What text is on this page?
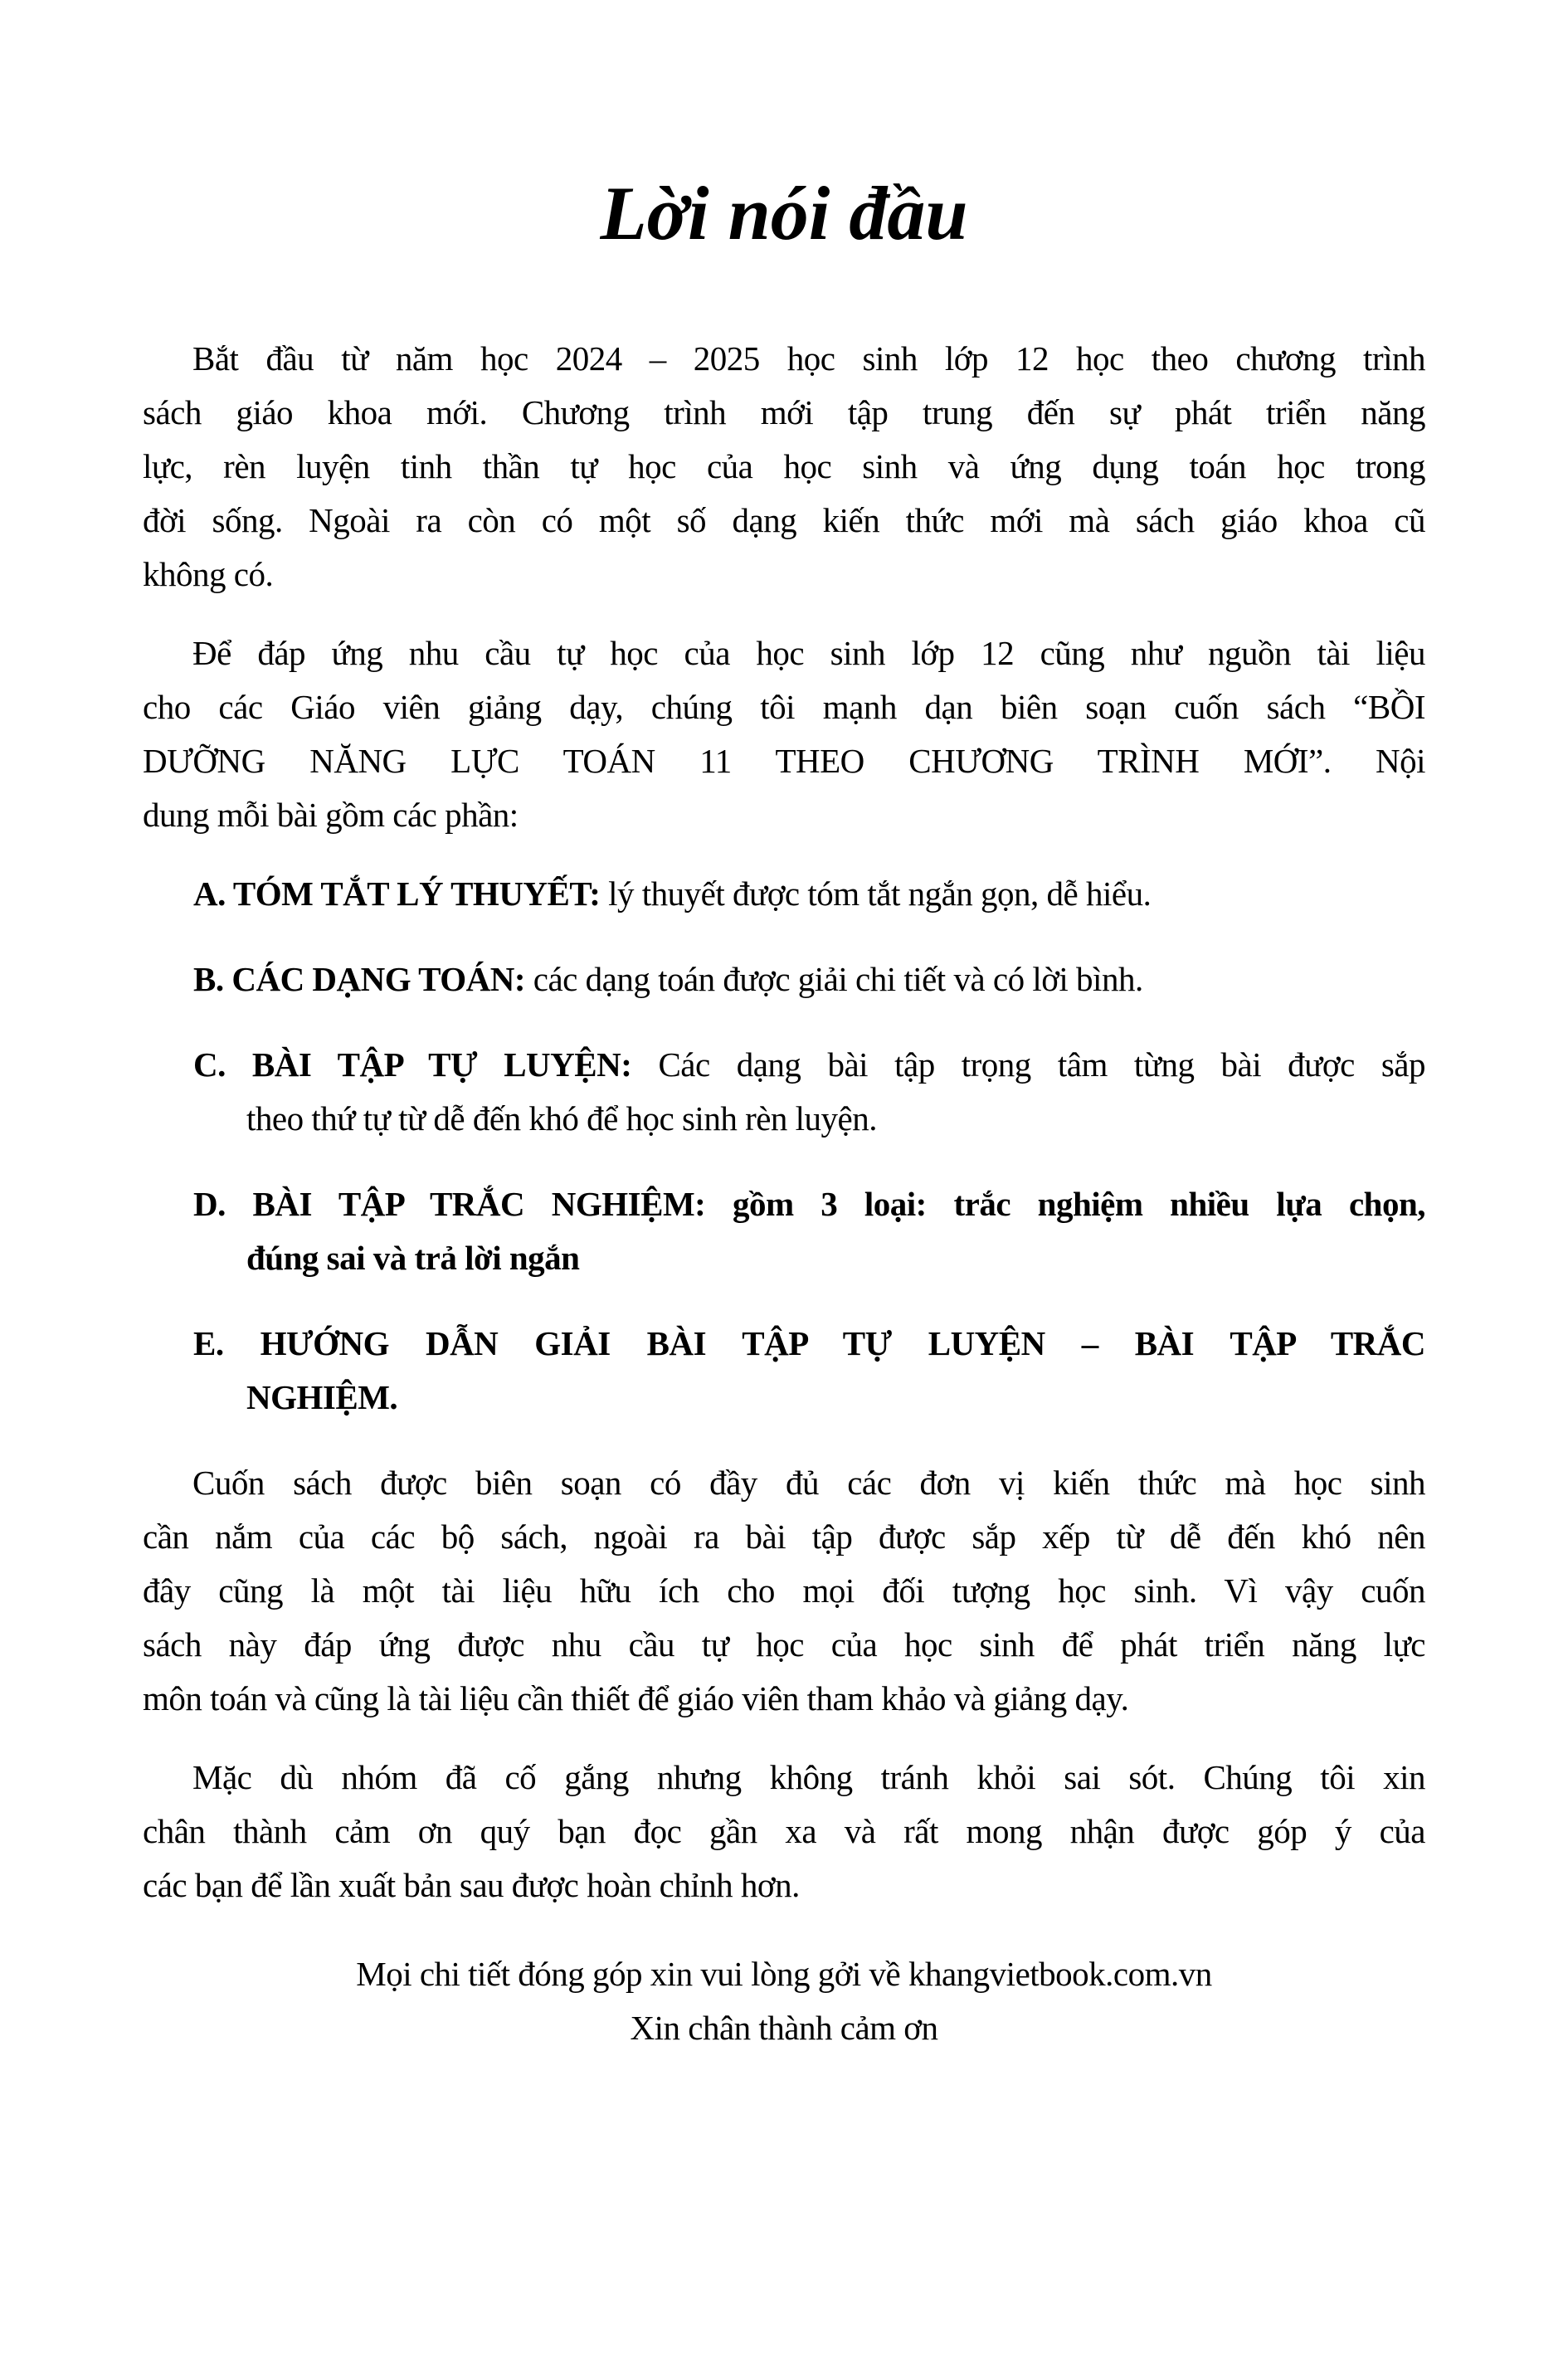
Lời nói đầu
Bắt đầu từ năm học 2024 – 2025 học sinh lớp 12 học theo chương trình
sách giáo khoa mới. Chương trình mới tập trung đến sự phát triển năng
lực, rèn luyện tinh thần tự học của học sinh và ứng dụng toán học trong
đời sống. Ngoài ra còn có một số dạng kiến thức mới mà sách giáo khoa cũ
không có.
Để đáp ứng nhu cầu tự học của học sinh lớp 12 cũng như nguồn tài liệu
cho các Giáo viên giảng dạy, chúng tôi mạnh dạn biên soạn cuốn sách “BỒI
DƯỠNG NĂNG LỰC TOÁN 11 THEO CHƯƠNG TRÌNH MỚI”. Nội
dung mỗi bài gồm các phần:
A. TÓM TẮT LÝ THUYẾT: lý thuyết được tóm tắt ngắn gọn, dễ hiểu.
B. CÁC DẠNG TOÁN: các dạng toán được giải chi tiết và có lời bình.
C. BÀI TẬP TỰ LUYỆN: Các dạng bài tập trọng tâm từng bài được sắp
theo thứ tự từ dễ đến khó để học sinh rèn luyện.
D. BÀI TẬP TRẮC NGHIỆM: gồm 3 loại: trắc nghiệm nhiều lựa chọn,
đúng sai và trả lời ngắn
E. HƯỚNG DẪN GIẢI BÀI TẬP TỰ LUYỆN – BÀI TẬP TRẮC
NGHIỆM.
Cuốn sách được biên soạn có đầy đủ các đơn vị kiến thức mà học sinh
cần nắm của các bộ sách, ngoài ra bài tập được sắp xếp từ dễ đến khó nên
đây cũng là một tài liệu hữu ích cho mọi đối tượng học sinh. Vì vậy cuốn
sách này đáp ứng được nhu cầu tự học của học sinh để phát triển năng lực
môn toán và cũng là tài liệu cần thiết để giáo viên tham khảo và giảng dạy.
Mặc dù nhóm đã cố gắng nhưng không tránh khỏi sai sót. Chúng tôi xin
chân thành cảm ơn quý bạn đọc gần xa và rất mong nhận được góp ý của
các bạn để lần xuất bản sau được hoàn chỉnh hơn.
Mọi chi tiết đóng góp xin vui lòng gởi về khangvietbook.com.vn
Xin chân thành cảm ơn
